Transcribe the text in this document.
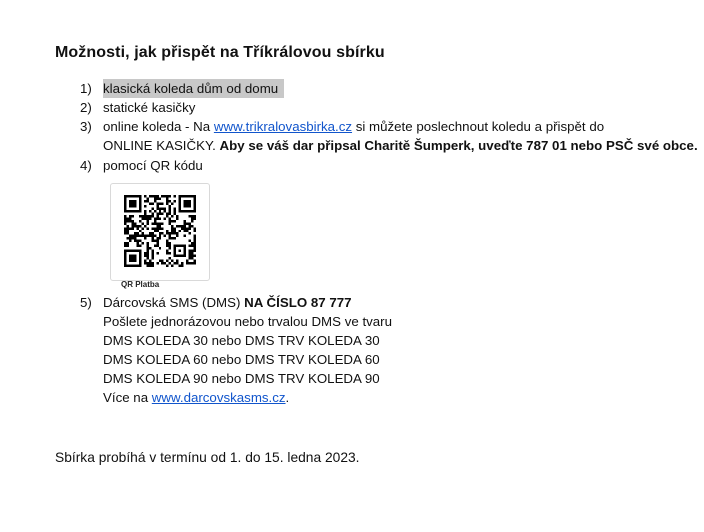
Možnosti, jak přispět na Tříkrálovou sbírku
1) klasická koleda dům od domu
2) statické kasičky
3) online koleda - Na www.trikralovasbirka.cz si můžete poslechnout koledu a přispět do
ONLINE KASIČKY. Aby se váš dar připsal Charitě Šumperk, uveďte 787 01 nebo PSČ své obce.
4) pomocí QR kódu
QR Platba
5) Dárcovská SMS (DMS) NA ČÍSLO 87 777
Pošlete jednorázovou nebo trvalou DMS ve tvaru
DMS KOLEDA 30 nebo DMS TRV KOLEDA 30
DMS KOLEDA 60 nebo DMS TRV KOLEDA 60
DMS KOLEDA 90 nebo DMS TRV KOLEDA 90
Více na www.darcovskasms.cz.
Sbírka probíhá v termínu od 1. do 15. ledna 2023.
